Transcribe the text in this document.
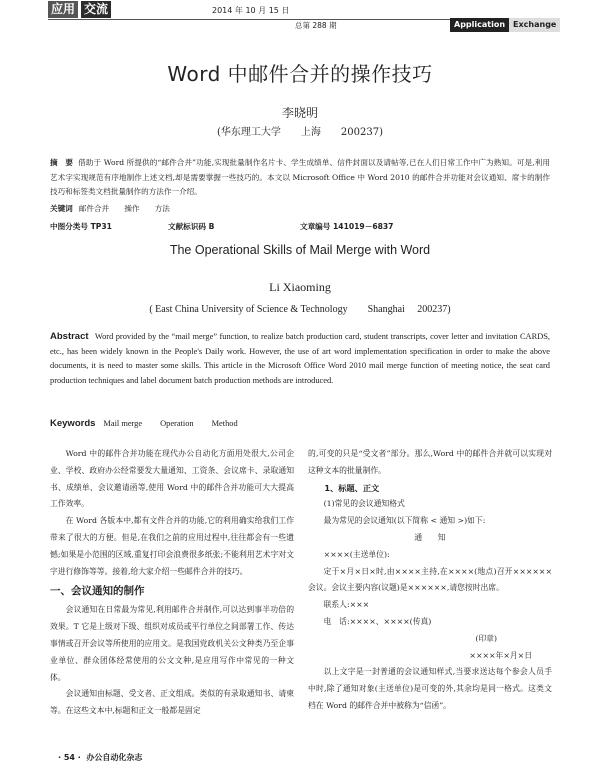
应用 交流	2014 年 10 月 15 日
总第 288 期	Application	Exchange
Word 中邮件合并的操作技巧
李晓明
(华东理工大学　　上海　　200237)
摘　要 借助于 Word 所提供的“邮件合并”功能,实现批量制作名片卡、学生成绩单、信件封面以及请帖等,已在人们日常工作中广为熟知。可是,利用艺术字实现规范有序地制作上述文档,却是需要掌握一些技巧的。本文以 Microsoft Office 中 Word 2010 的邮件合并功能对会议通知、席卡的制作技巧和标签类文档批量制作的方法作一介绍。
关键词 邮件合并　　操作　　方法
中图分类号 TP31	文献标识码 B	文章编号 141019－6837
The Operational Skills of Mail Merge with Word
Li Xiaoming
( East China University of Science & Technology　　Shanghai　 200237)
Abstract Word provided by the “mail merge” function, to realize batch production card, student transcripts, cover letter and invitation CARDS, etc., has been widely known in the People's Daily work. However, the use of art word implementation specification in order to make the above documents, it is need to master some skills. This article in the Microsoft Office Word 2010 mail merge function of meeting notice, the seat card production techniques and label document batch production methods are introduced.
Keywords Mail merge Operation Method

Word 中的邮件合并功能在现代办公自动化方面用处很大,公司企业、学校、政府办公经常要发大量通知、工资条、会议席卡、录取通知书、成绩单、会议邀请函等,使用 Word 中的邮件合并功能可大大提高工作效率。

在 Word 各版本中,都有文件合并的功能,它的利用确实给我们工作带来了很大的方便。但是,在我们之前的应用过程中,往往都会有一些遗憾;如果是小范围的区域,重复打印会浪费很多纸张;不能利用艺术字对文字进行修饰等等。接着,给大家介绍一些邮件合并的技巧。

一、会议通知的制作

会议通知在日常最为常见,利用邮件合并制作,可以达到事半功倍的效果。T 它是上级对下级、组织对成员或平行单位之间部署工作、传达事情或召开会议等所使用的应用文。是我国党政机关公文种类乃至企事业单位、群众团体经常使用的公文文种,是应用写作中常见的一种文体。

会议通知由标题、受文者、正文组成。类似的有录取通知书、请柬等。在这些文本中,标题和正文一般都是固定

的,可变的只是“受文者”部分。那么,Word 中的邮件合并就可以实现对这种文本的批量制作。

1、标题、正文

(1)常见的会议通知格式

最为常见的会议通知(以下简称 < 通知 >)如下:

通　　知

××××(主送单位):

定于×月×日×时,由××××主持,在××××(地点)召开××××××会议。会议主要内容(议题)是××××××,请您按时出席。

联系人:×××

电　话:××××、××××(传真)

(印章)

××××年×月×日

以上文字是一封普通的会议通知样式,当要求送达每个参会人员手中时,除了通知对象(主送单位)是可变的外,其余均是同一格式。这类文档在 Word 的邮件合并中被称为“信函”。

· 54 · 办公自动化杂志
